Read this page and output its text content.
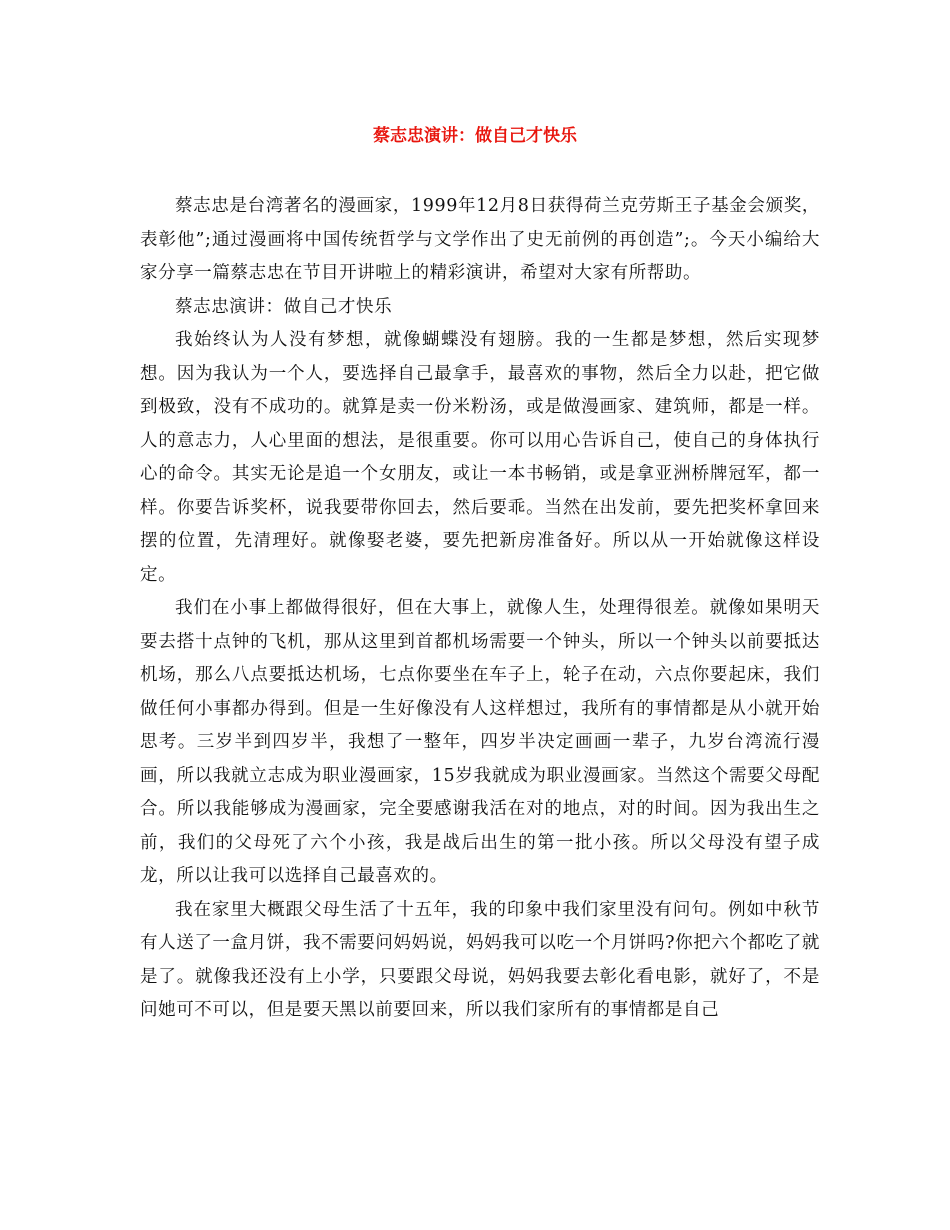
蔡志忠演讲：做自己才快乐

蔡志忠是台湾著名的漫画家，1999年12月8日获得荷兰克劳斯王子基金会颁奖，表彰他”;通过漫画将中国传统哲学与文学作出了史无前例的再创造”;。今天小编给大家分享一篇蔡志忠在节目开讲啦上的精彩演讲，希望对大家有所帮助。

蔡志忠演讲：做自己才快乐

我始终认为人没有梦想，就像蝴蝶没有翅膀。我的一生都是梦想，然后实现梦想。因为我认为一个人，要选择自己最拿手，最喜欢的事物，然后全力以赴，把它做到极致，没有不成功的。就算是卖一份米粉汤，或是做漫画家、建筑师，都是一样。人的意志力，人心里面的想法，是很重要。你可以用心告诉自己，使自己的身体执行心的命令。其实无论是追一个女朋友，或让一本书畅销，或是拿亚洲桥牌冠军，都一样。你要告诉奖杯，说我要带你回去，然后要乖。当然在出发前，要先把奖杯拿回来摆的位置，先清理好。就像娶老婆，要先把新房准备好。所以从一开始就像这样设定。

我们在小事上都做得很好，但在大事上，就像人生，处理得很差。就像如果明天要去搭十点钟的飞机，那从这里到首都机场需要一个钟头，所以一个钟头以前要抵达机场，那么八点要抵达机场，七点你要坐在车子上，轮子在动，六点你要起床，我们做任何小事都办得到。但是一生好像没有人这样想过，我所有的事情都是从小就开始思考。三岁半到四岁半，我想了一整年，四岁半决定画画一辈子，九岁台湾流行漫画，所以我就立志成为职业漫画家，15岁我就成为职业漫画家。当然这个需要父母配合。所以我能够成为漫画家，完全要感谢我活在对的地点，对的时间。因为我出生之前，我们的父母死了六个小孩，我是战后出生的第一批小孩。所以父母没有望子成龙，所以让我可以选择自己最喜欢的。

我在家里大概跟父母生活了十五年，我的印象中我们家里没有问句。例如中秋节有人送了一盒月饼，我不需要问妈妈说，妈妈我可以吃一个月饼吗?你把六个都吃了就是了。就像我还没有上小学，只要跟父母说，妈妈我要去彰化看电影，就好了，不是问她可不可以，但是要天黑以前要回来，所以我们家所有的事情都是自己
